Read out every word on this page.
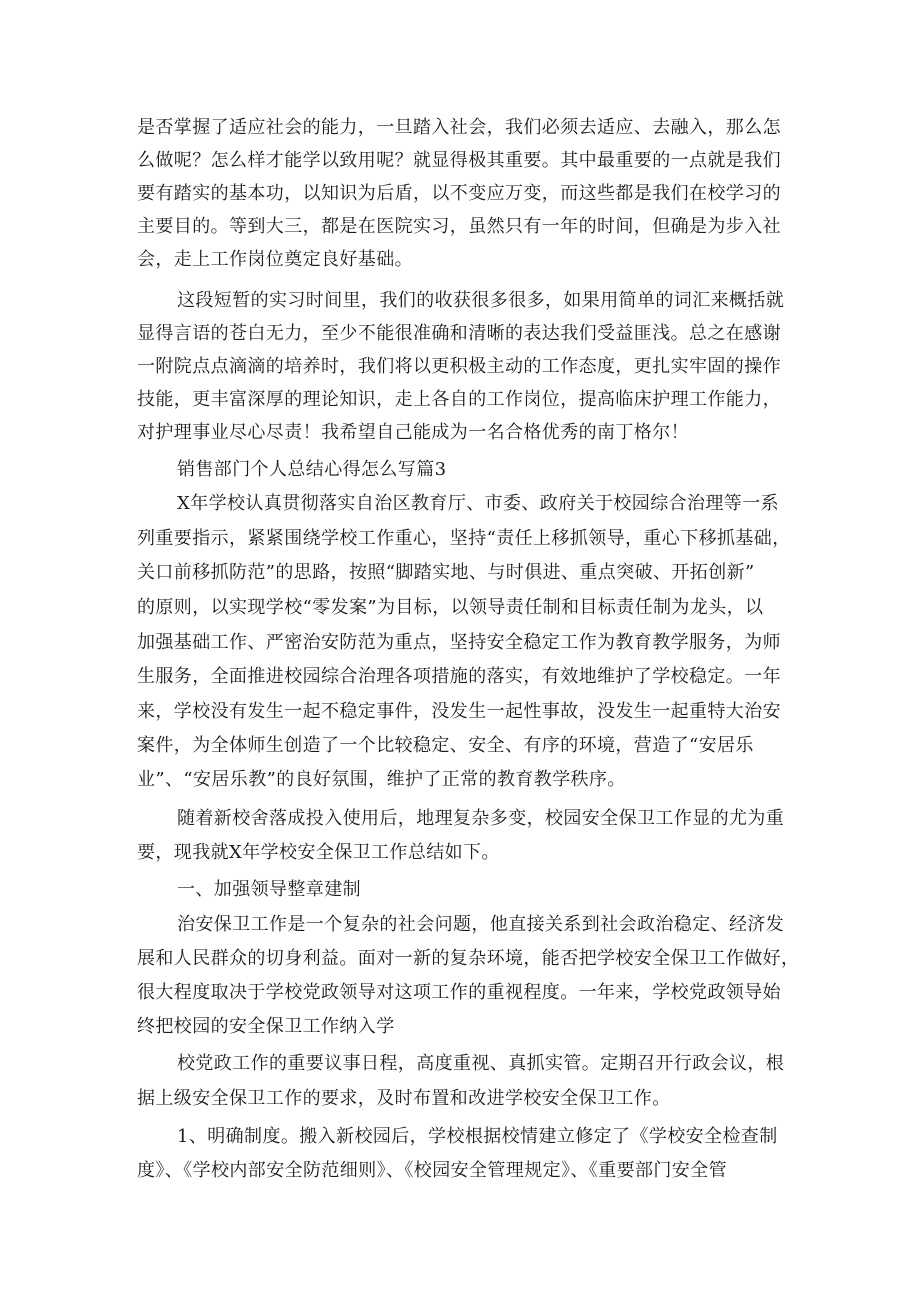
是否掌握了适应社会的能力，一旦踏入社会，我们必须去适应、去融入，那么怎
么做呢？怎么样才能学以致用呢？就显得极其重要。其中最重要的一点就是我们
要有踏实的基本功，以知识为后盾，以不变应万变，而这些都是我们在校学习的
主要目的。等到大三，都是在医院实习，虽然只有一年的时间，但确是为步入社
会，走上工作岗位奠定良好基础。
这段短暂的实习时间里，我们的收获很多很多，如果用简单的词汇来概括就
显得言语的苍白无力，至少不能很准确和清晰的表达我们受益匪浅。总之在感谢
一附院点点滴滴的培养时，我们将以更积极主动的工作态度，更扎实牢固的操作
技能，更丰富深厚的理论知识，走上各自的工作岗位，提高临床护理工作能力，
对护理事业尽心尽责！我希望自己能成为一名合格优秀的南丁格尔！
销售部门个人总结心得怎么写篇3
X年学校认真贯彻落实自治区教育厅、市委、政府关于校园综合治理等一系
列重要指示，紧紧围绕学校工作重心，坚持“责任上移抓领导，重心下移抓基础，
关口前移抓防范”的思路，按照“脚踏实地、与时俱进、重点突破、开拓创新”
的原则，以实现学校“零发案”为目标，以领导责任制和目标责任制为龙头，以
加强基础工作、严密治安防范为重点，坚持安全稳定工作为教育教学服务，为师
生服务，全面推进校园综合治理各项措施的落实，有效地维护了学校稳定。一年
来，学校没有发生一起不稳定事件，没发生一起性事故，没发生一起重特大治安
案件，为全体师生创造了一个比较稳定、安全、有序的环境，营造了“安居乐
业”、“安居乐教”的良好氛围，维护了正常的教育教学秩序。
随着新校舍落成投入使用后，地理复杂多变，校园安全保卫工作显的尤为重
要，现我就X年学校安全保卫工作总结如下。
一、加强领导整章建制
治安保卫工作是一个复杂的社会问题，他直接关系到社会政治稳定、经济发
展和人民群众的切身利益。面对一新的复杂环境，能否把学校安全保卫工作做好，
很大程度取决于学校党政领导对这项工作的重视程度。一年来，学校党政领导始
终把校园的安全保卫工作纳入学
校党政工作的重要议事日程，高度重视、真抓实管。定期召开行政会议，根
据上级安全保卫工作的要求，及时布置和改进学校安全保卫工作。
1、明确制度。搬入新校园后，学校根据校情建立修定了《学校安全检查制
度》、《学校内部安全防范细则》、《校园安全管理规定》、《重要部门安全管
